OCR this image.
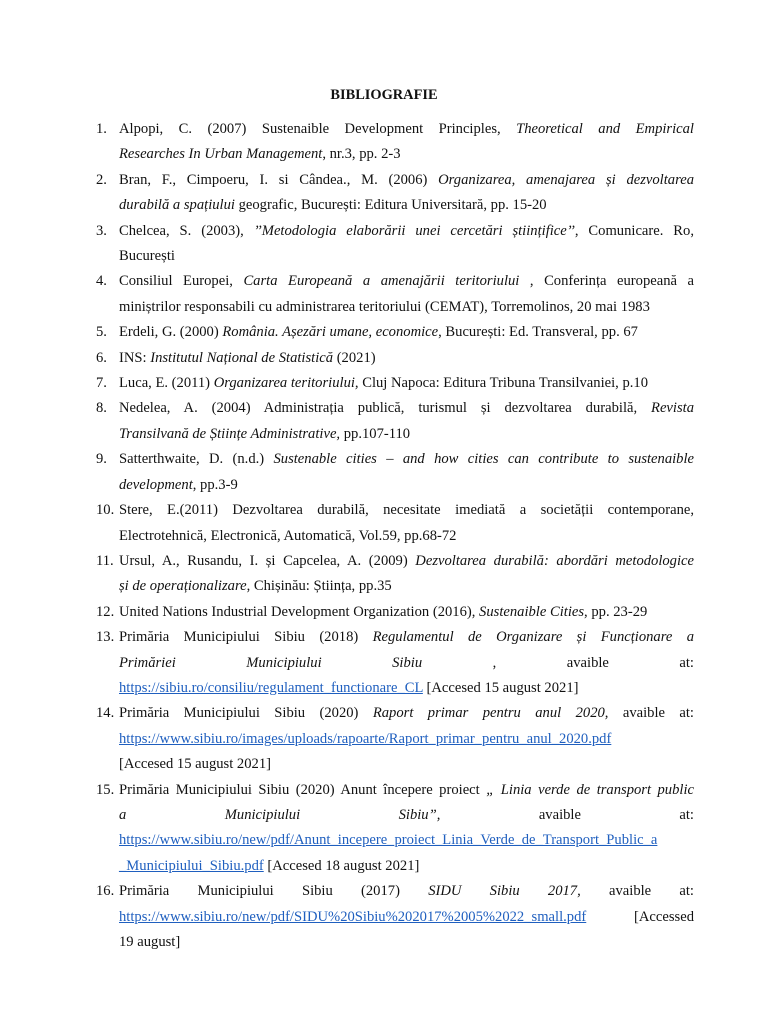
BIBLIOGRAFIE
1. Alpopi, C. (2007) Sustenaible Development Principles, Theoretical and Empirical
Researches In Urban Management, nr.3, pp. 2-3
2. Bran, F., Cimpoeru, I. si Cândea., M. (2006) Organizarea, amenajarea și dezvoltarea
durabilă a spațiului geografic, București: Editura Universitară, pp. 15-20
3. Chelcea, S. (2003), ’’Metodologia elaborării unei cercetări științifice’’, Comunicare. Ro,
București
4. Consiliul Europei, Carta Europeană a amenajării teritoriului , Conferința europeană a
miniștrilor responsabili cu administrarea teritoriului (CEMAT), Torremolinos, 20 mai 1983
5. Erdeli, G. (2000) România. Așezări umane, economice, București: Ed. Transveral, pp. 67
6. INS: Institutul Național de Statistică (2021)
7. Luca, E. (2011) Organizarea teritoriului, Cluj Napoca: Editura Tribuna Transilvaniei, p.10
8. Nedelea, A. (2004) Administrația publică, turismul și dezvoltarea durabilă, Revista
Transilvană de Științe Administrative, pp.107-110
9. Satterthwaite, D. (n.d.) Sustenable cities – and how cities can contribute to sustenaible
development, pp.3-9
10. Stere, E.(2011) Dezvoltarea durabilă, necesitate imediată a societății contemporane,
Electrotehnică, Electronică, Automatică, Vol.59, pp.68-72
11. Ursul, A., Rusandu, I. și Capcelea, A. (2009) Dezvoltarea durabilă: abordări metodologice
și de operaționalizare, Chișinău: Știința, pp.35
12. United Nations Industrial Development Organization (2016), Sustenaible Cities, pp. 23-29
13. Primăria Municipiului Sibiu (2018) Regulamentul de Organizare și Funcționare a
Primăriei Municipiului Sibiu , avaible at:
https://sibiu.ro/consiliu/regulament_functionare_CL [Accesed 15 august 2021]
14. Primăria Municipiului Sibiu (2020) Raport primar pentru anul 2020, avaible at:
https://www.sibiu.ro/images/uploads/rapoarte/Raport_primar_pentru_anul_2020.pdf
[Accesed 15 august 2021]
15. Primăria Municipiului Sibiu (2020) Anunt începere proiect „ Linia verde de transport public
a Municipiului Sibiu”, avaible at:
https://www.sibiu.ro/new/pdf/Anunt_incepere_proiect_Linia_Verde_de_Transport_Public_a
_Municipiului_Sibiu.pdf [Accesed 18 august 2021]
16. Primăria Municipiului Sibiu (2017) SIDU Sibiu 2017, avaible at:
https://www.sibiu.ro/new/pdf/SIDU%20Sibiu%202017%2005%2022_small.pdf [Accessed
19 august]
